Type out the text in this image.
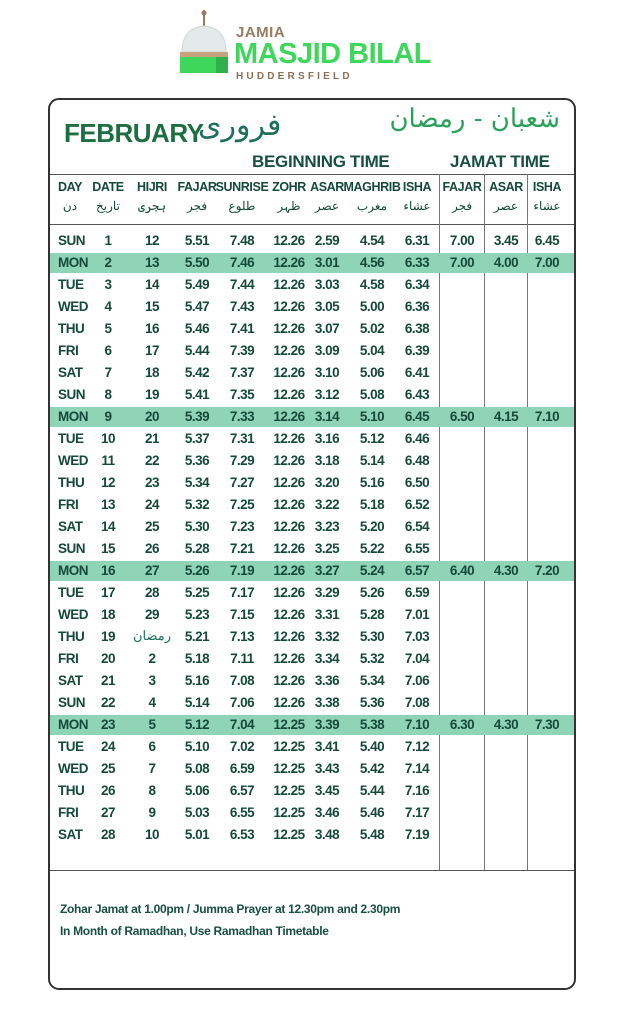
JAMIA
MASJID BILAL
HUDDERSFIELD
FEBRUARY
فروری	شعبان - رمضان
BEGINNING TIME	JAMAT TIME
DAY
دن
DATE
تاریخ
HIJRI
ہجری
FAJAR
فجر
SUNRISE
طلوع
ZOHR
ظہر
ASAR
عصر
MAGHRIB
مغرب
ISHA
عشاء
FAJAR
فجر
ASAR
عصر
ISHA
عشاء
SUN 1 12 5.51 7.48 12.26 2.59 4.54 6.31 7.00 3.45 6.45
MON 2 13 5.50 7.46 12.26 3.01 4.56 6.33 7.00 4.00 7.00
TUE 3 14 5.49 7.44 12.26 3.03 4.58 6.34
WED 4 15 5.47 7.43 12.26 3.05 5.00 6.36
THU 5 16 5.46 7.41 12.26 3.07 5.02 6.38
FRI 6 17 5.44 7.39 12.26 3.09 5.04 6.39
SAT 7 18 5.42 7.37 12.26 3.10 5.06 6.41
SUN 8 19 5.41 7.35 12.26 3.12 5.08 6.43
MON 9 20 5.39 7.33 12.26 3.14 5.10 6.45 6.50 4.15 7.10
TUE 10 21 5.37 7.31 12.26 3.16 5.12 6.46
WED 11 22 5.36 7.29 12.26 3.18 5.14 6.48
THU 12 23 5.34 7.27 12.26 3.20 5.16 6.50
FRI 13 24 5.32 7.25 12.26 3.22 5.18 6.52
SAT 14 25 5.30 7.23 12.26 3.23 5.20 6.54
SUN 15 26 5.28 7.21 12.26 3.25 5.22 6.55
MON 16 27 5.26 7.19 12.26 3.27 5.24 6.57 6.40 4.30 7.20
TUE 17 28 5.25 7.17 12.26 3.29 5.26 6.59
WED 18 29 5.23 7.15 12.26 3.31 5.28 7.01
THU 19 رمضان 5.21 7.13 12.26 3.32 5.30 7.03
FRI 20 2 5.18 7.11 12.26 3.34 5.32 7.04
SAT 21 3 5.16 7.08 12.26 3.36 5.34 7.06
SUN 22 4 5.14 7.06 12.26 3.38 5.36 7.08
MON 23 5 5.12 7.04 12.25 3.39 5.38 7.10 6.30 4.30 7.30
TUE 24 6 5.10 7.02 12.25 3.41 5.40 7.12
WED 25 7 5.08 6.59 12.25 3.43 5.42 7.14
THU 26 8 5.06 6.57 12.25 3.45 5.44 7.16
FRI 27 9 5.03 6.55 12.25 3.46 5.46 7.17
SAT 28 10 5.01 6.53 12.25 3.48 5.48 7.19
Zohar Jamat at 1.00pm / Jumma Prayer at 12.30pm and 2.30pm
In Month of Ramadhan, Use Ramadhan Timetable
